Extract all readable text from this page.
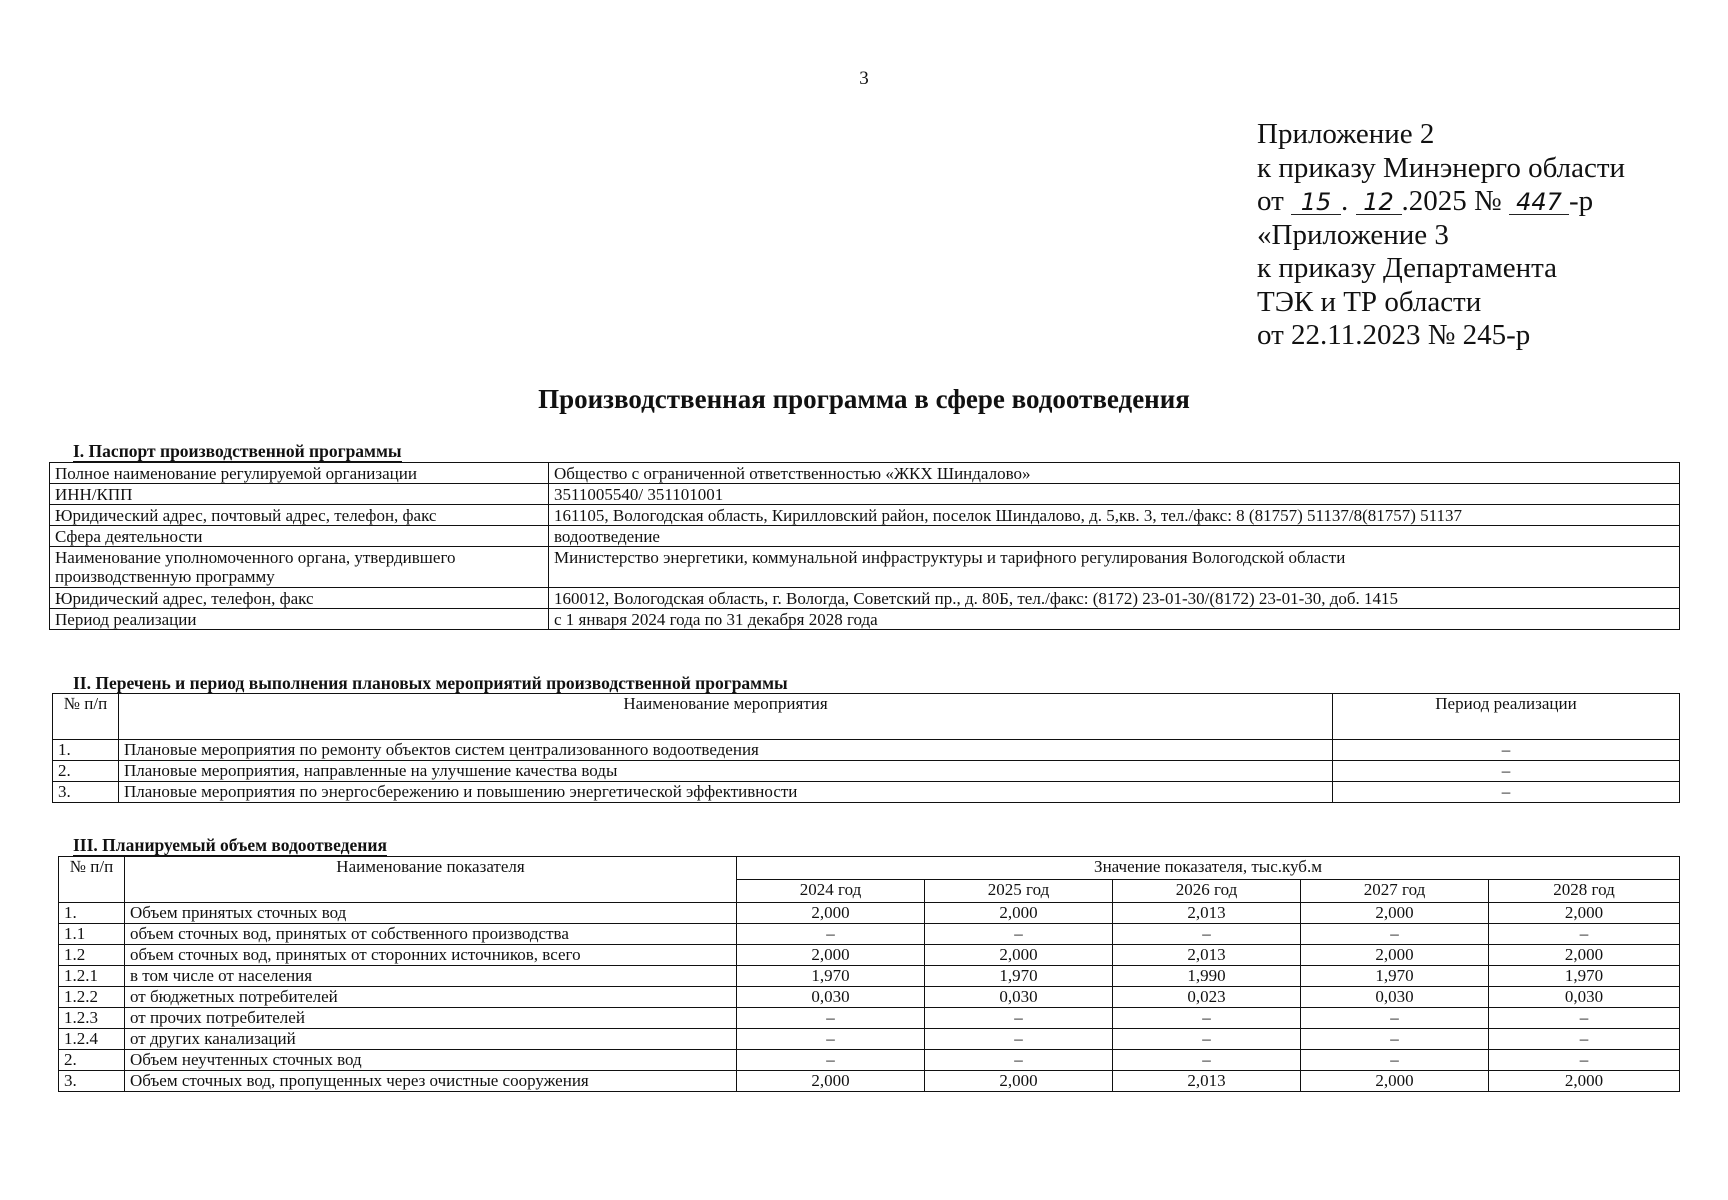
3
Приложение 2
к приказу Минэнерго области
от 15 . 12 .2025 № 447 -р
«Приложение 3
к приказу Департамента
ТЭК и ТР области
от 22.11.2023 № 245-р
Производственная программа в сфере водоотведения
I. Паспорт производственной программы
Полное наименование регулируемой организации	Общество с ограниченной ответственностью «ЖКХ Шиндалово»
ИНН/КПП	3511005540/ 351101001
Юридический адрес, почтовый адрес, телефон, факс	161105, Вологодская область, Кирилловский район, поселок Шиндалово, д. 5,кв. 3, тел./факс: 8 (81757) 51137/8(81757) 51137
Сфера деятельности	водоотведение
Наименование уполномоченного органа, утвердившего производственную программу	Министерство энергетики, коммунальной инфраструктуры и тарифного регулирования Вологодской области
Юридический адрес, телефон, факс	160012, Вологодская область, г. Вологда, Советский пр., д. 80Б, тел./факс: (8172) 23-01-30/(8172) 23-01-30, доб. 1415
Период реализации	с 1 января 2024 года по 31 декабря 2028 года
II. Перечень и период выполнения плановых мероприятий производственной программы
№ п/п	Наименование мероприятия	Период реализации
1.	Плановые мероприятия по ремонту объектов систем централизованного водоотведения	–
2.	Плановые мероприятия, направленные на улучшение качества воды	–
3.	Плановые мероприятия по энергосбережению и повышению энергетической эффективности	–
III. Планируемый объем водоотведения
№ п/п	Наименование показателя	Значение показателя, тыс.куб.м				
		2024 год	2025 год	2026 год	2027 год	2028 год
1.	Объем принятых сточных вод	2,000	2,000	2,013	2,000	2,000
1.1	объем сточных вод, принятых от собственного производства	–	–	–	–	–
1.2	объем сточных вод, принятых от сторонних источников, всего	2,000	2,000	2,013	2,000	2,000
1.2.1	в том числе от населения	1,970	1,970	1,990	1,970	1,970
1.2.2	от бюджетных потребителей	0,030	0,030	0,023	0,030	0,030
1.2.3	от прочих потребителей	–	–	–	–	–
1.2.4	от других канализаций	–	–	–	–	–
2.	Объем неучтенных сточных вод	–	–	–	–	–
3.	Объем сточных вод, пропущенных через очистные сооружения	2,000	2,000	2,013	2,000	2,000
